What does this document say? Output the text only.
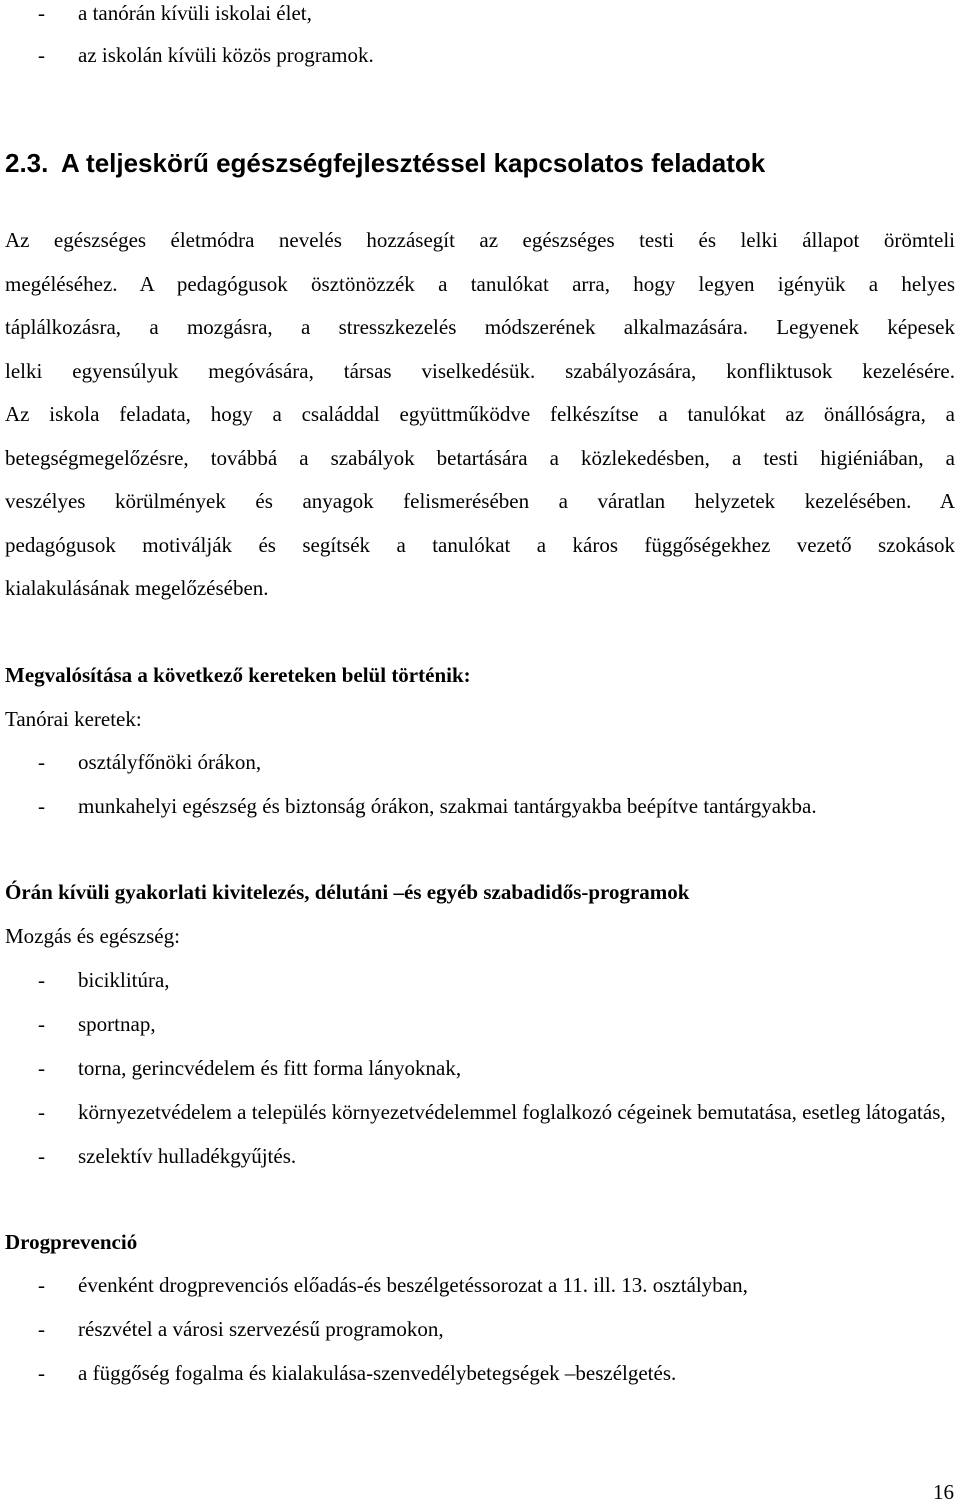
- a tanórán kívüli iskolai élet,
- az iskolán kívüli közös programok.
2.3. A teljeskörű egészségfejlesztéssel kapcsolatos feladatok
Az egészséges életmódra nevelés hozzásegít az egészséges testi és lelki állapot örömteli
megéléséhez. A pedagógusok ösztönözzék a tanulókat arra, hogy legyen igényük a helyes
táplálkozásra, a mozgásra, a stresszkezelés módszerének alkalmazására. Legyenek képesek
lelki egyensúlyuk megóvására, társas viselkedésük. szabályozására, konfliktusok kezelésére.
Az iskola feladata, hogy a családdal együttműködve felkészítse a tanulókat az önállóságra, a
betegségmegelőzésre, továbbá a szabályok betartására a közlekedésben, a testi higiéniában, a
veszélyes körülmények és anyagok felismerésében a váratlan helyzetek kezelésében. A
pedagógusok motiválják és segítsék a tanulókat a káros függőségekhez vezető szokások
kialakulásának megelőzésében.
Megvalósítása a következő kereteken belül történik:
Tanórai keretek:
- osztályfőnöki órákon,
- munkahelyi egészség és biztonság órákon, szakmai tantárgyakba beépítve tantárgyakba.
Órán kívüli gyakorlati kivitelezés, délutáni –és egyéb szabadidős-programok
Mozgás és egészség:
- biciklitúra,
- sportnap,
- torna, gerincvédelem és fitt forma lányoknak,
- környezetvédelem a település környezetvédelemmel foglalkozó cégeinek bemutatása, esetleg látogatás,
- szelektív hulladékgyűjtés.
Drogprevenció
- évenként drogprevenciós előadás-és beszélgetéssorozat a 11. ill. 13. osztályban,
- részvétel a városi szervezésű programokon,
- a függőség fogalma és kialakulása-szenvedélybetegségek –beszélgetés.
16
